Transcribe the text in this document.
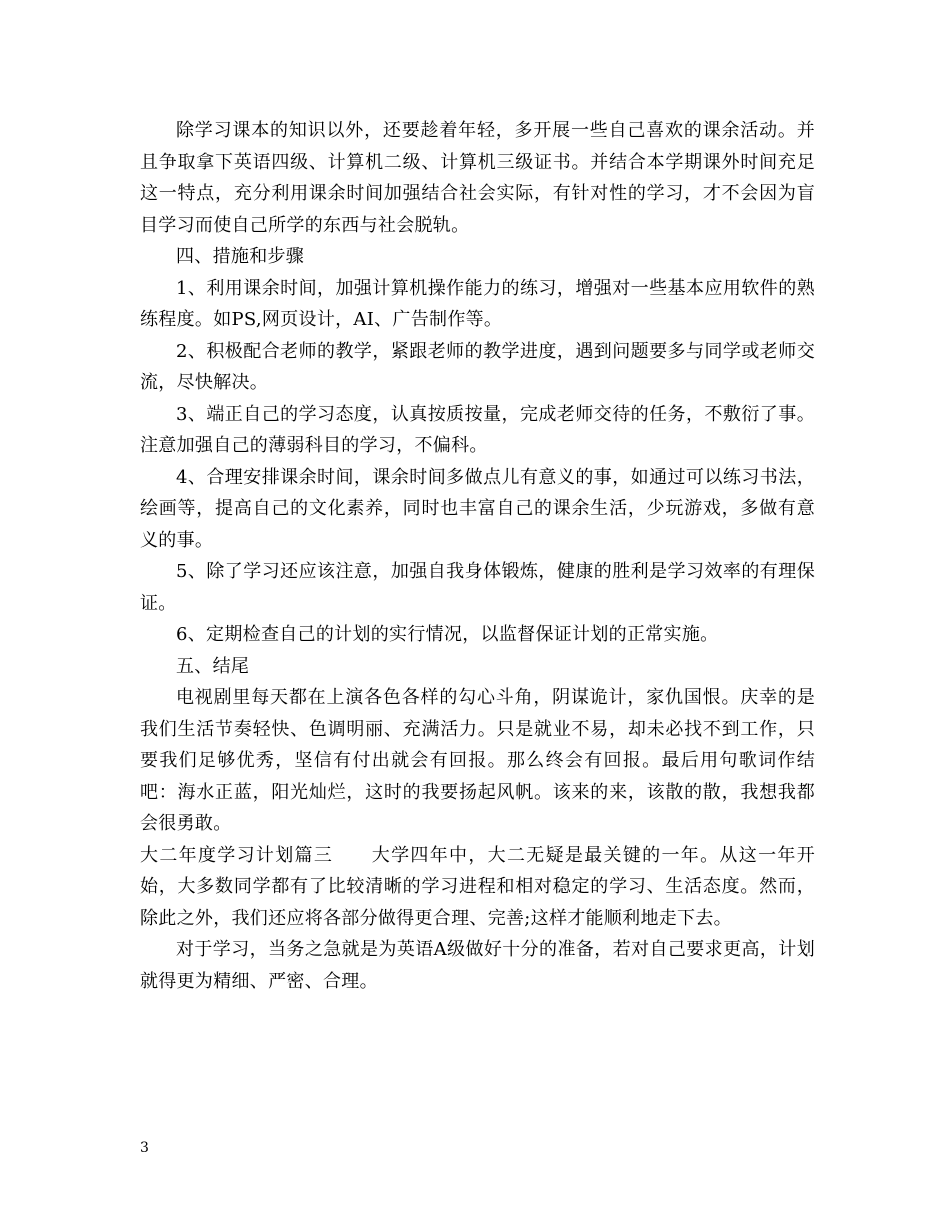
除学习课本的知识以外，还要趁着年轻，多开展一些自己喜欢的课余活动。并且争取拿下英语四级、计算机二级、计算机三级证书。并结合本学期课外时间充足这一特点，充分利用课余时间加强结合社会实际，有针对性的学习，才不会因为盲目学习而使自己所学的东西与社会脱轨。

四、措施和步骤

1、利用课余时间，加强计算机操作能力的练习，增强对一些基本应用软件的熟练程度。如PS,网页设计，AI、广告制作等。

2、积极配合老师的教学，紧跟老师的教学进度，遇到问题要多与同学或老师交流，尽快解决。

3、端正自己的学习态度，认真按质按量，完成老师交待的任务，不敷衍了事。注意加强自己的薄弱科目的学习，不偏科。

4、合理安排课余时间，课余时间多做点儿有意义的事，如通过可以练习书法，绘画等，提高自己的文化素养，同时也丰富自己的课余生活，少玩游戏，多做有意义的事。

5、除了学习还应该注意，加强自我身体锻炼，健康的胜利是学习效率的有理保证。

6、定期检查自己的计划的实行情况，以监督保证计划的正常实施。

五、结尾

电视剧里每天都在上演各色各样的勾心斗角，阴谋诡计，家仇国恨。庆幸的是我们生活节奏轻快、色调明丽、充满活力。只是就业不易，却未必找不到工作，只要我们足够优秀，坚信有付出就会有回报。那么终会有回报。最后用句歌词作结吧：海水正蓝，阳光灿烂，这时的我要扬起风帆。该来的来，该散的散，我想我都会很勇敢。

大二年度学习计划篇三　　大学四年中，大二无疑是最关键的一年。从这一年开始，大多数同学都有了比较清晰的学习进程和相对稳定的学习、生活态度。然而，除此之外，我们还应将各部分做得更合理、完善;这样才能顺利地走下去。

对于学习，当务之急就是为英语A级做好十分的准备，若对自己要求更高，计划就得更为精细、严密、合理。

3
